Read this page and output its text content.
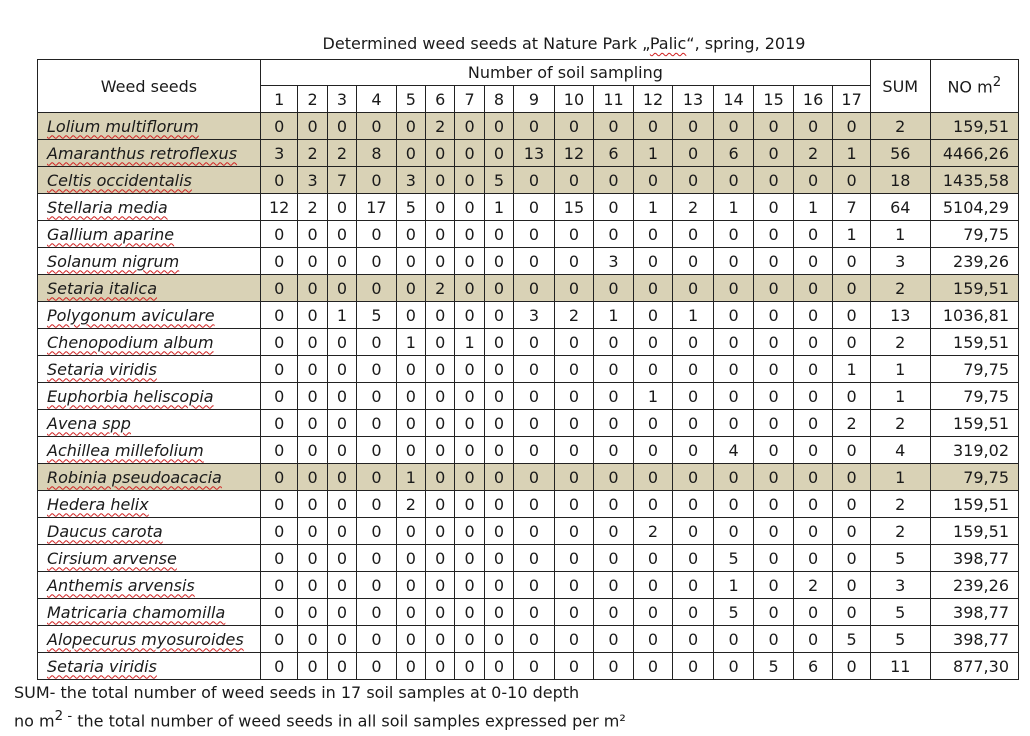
Determined weed seeds at Nature Park „Palic“, spring, 2019
Weed seeds	Number of soil sampling																	SUM	NO $m^2$
	1	2	3	4	5	6	7	8	9	10	11	12	13	14	15	16	17		
Lolium multiflorum	0	0	0	0	0	2	0	0	0	0	0	0	0	0	0	0	0	2	159,51
Amaranthus retroflexus	3	2	2	8	0	0	0	0	13	12	6	1	0	6	0	2	1	56	4466,26
Celtis occidentalis	0	3	7	0	3	0	0	5	0	0	0	0	0	0	0	0	0	18	1435,58
Stellaria media	12	2	0	17	5	0	0	1	0	15	0	1	2	1	0	1	7	64	5104,29
Gallium aparine	0	0	0	0	0	0	0	0	0	0	0	0	0	0	0	0	1	1	79,75
Solanum nigrum	0	0	0	0	0	0	0	0	0	0	3	0	0	0	0	0	0	3	239,26
Setaria italica	0	0	0	0	0	2	0	0	0	0	0	0	0	0	0	0	0	2	159,51
Polygonum aviculare	0	0	1	5	0	0	0	0	3	2	1	0	1	0	0	0	0	13	1036,81
Chenopodium album	0	0	0	0	1	0	1	0	0	0	0	0	0	0	0	0	0	2	159,51
Setaria viridis	0	0	0	0	0	0	0	0	0	0	0	0	0	0	0	0	1	1	79,75
Euphorbia heliscopia	0	0	0	0	0	0	0	0	0	0	0	1	0	0	0	0	0	1	79,75
Avena spp	0	0	0	0	0	0	0	0	0	0	0	0	0	0	0	0	2	2	159,51
Achillea millefolium	0	0	0	0	0	0	0	0	0	0	0	0	0	4	0	0	0	4	319,02
Robinia pseudoacacia	0	0	0	0	1	0	0	0	0	0	0	0	0	0	0	0	0	1	79,75
Hedera helix	0	0	0	0	2	0	0	0	0	0	0	0	0	0	0	0	0	2	159,51
Daucus carota	0	0	0	0	0	0	0	0	0	0	0	2	0	0	0	0	0	2	159,51
Cirsium arvense	0	0	0	0	0	0	0	0	0	0	0	0	0	5	0	0	0	5	398,77
Anthemis arvensis	0	0	0	0	0	0	0	0	0	0	0	0	0	1	0	2	0	3	239,26
Matricaria chamomilla	0	0	0	0	0	0	0	0	0	0	0	0	0	5	0	0	0	5	398,77
Alopecurus myosuroides	0	0	0	0	0	0	0	0	0	0	0	0	0	0	0	0	5	5	398,77
Setaria viridis	0	0	0	0	0	0	0	0	0	0	0	0	0	0	5	6	0	11	877,30
SUM- the total number of weed seeds in 17 soil samples at 0-10 depth
no $m^{2 -}$ the total number of weed seeds in all soil samples expressed per m²
